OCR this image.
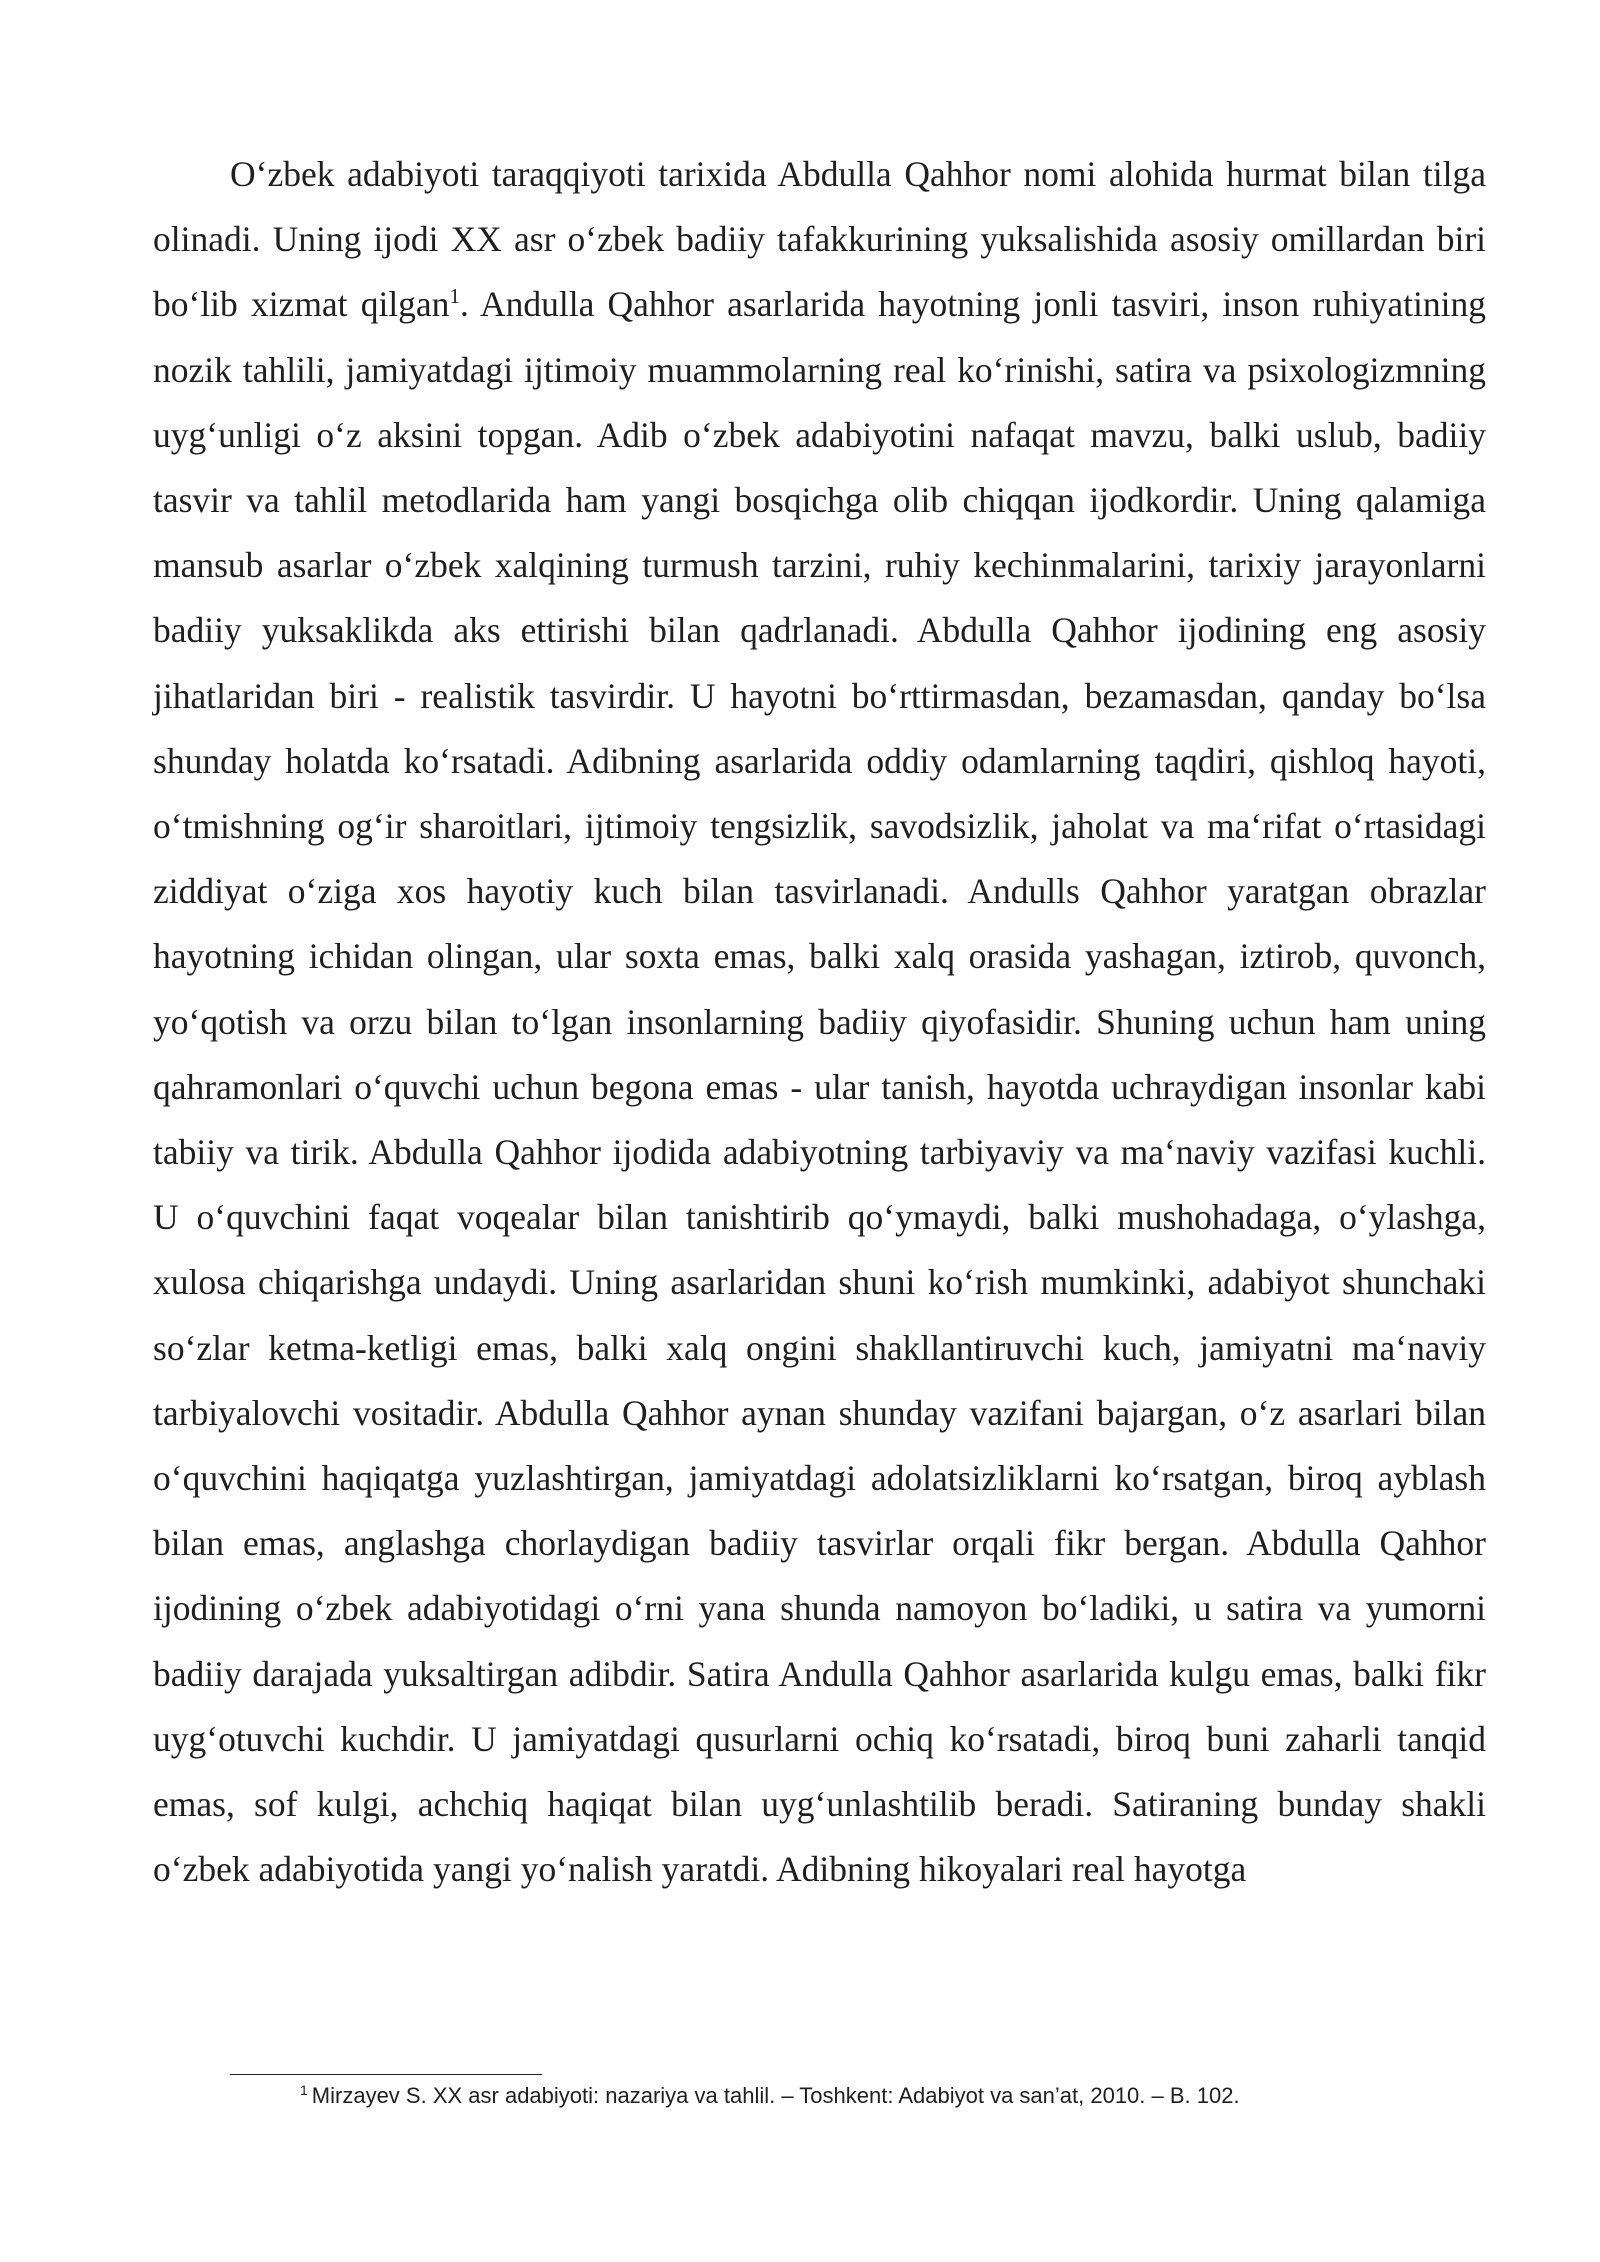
O‘zbek adabiyoti taraqqiyoti tarixida Abdulla Qahhor nomi alohida hurmat bilan tilga olinadi. Uning ijodi XX asr o‘zbek badiiy tafakkurining yuksalishida asosiy omillardan biri bo‘lib xizmat qilgan$^1$. Andulla Qahhor asarlarida hayotning jonli tasviri, inson ruhiyatining nozik tahlili, jamiyatdagi ijtimoiy muammolarning real ko‘rinishi, satira va psixologizmning uyg‘unligi o‘z aksini topgan. Adib o‘zbek adabiyotini nafaqat mavzu, balki uslub, badiiy tasvir va tahlil metodlarida ham yangi bosqichga olib chiqqan ijodkordir. Uning qalamiga mansub asarlar o‘zbek xalqining turmush tarzini, ruhiy kechinmalarini, tarixiy jarayonlarni badiiy yuksaklikda aks ettirishi bilan qadrlanadi. Abdulla Qahhor ijodining eng asosiy jihatlaridan biri - realistik tasvirdir. U hayotni bo‘rttirmasdan, bezamasdan, qanday bo‘lsa shunday holatda ko‘rsatadi. Adibning asarlarida oddiy odamlarning taqdiri, qishloq hayoti, o‘tmishning og‘ir sharoitlari, ijtimoiy tengsizlik, savodsizlik, jaholat va ma‘rifat o‘rtasidagi ziddiyat o‘ziga xos hayotiy kuch bilan tasvirlanadi. Andulls Qahhor yaratgan obrazlar hayotning ichidan olingan, ular soxta emas, balki xalq orasida yashagan, iztirob, quvonch, yo‘qotish va orzu bilan to‘lgan insonlarning badiiy qiyofasidir. Shuning uchun ham uning qahramonlari o‘quvchi uchun begona emas - ular tanish, hayotda uchraydigan insonlar kabi tabiiy va tirik. Abdulla Qahhor ijodida adabiyotning tarbiyaviy va ma‘naviy vazifasi kuchli. U o‘quvchini faqat voqealar bilan tanishtirib qo‘ymaydi, balki mushohadaga, o‘ylashga, xulosa chiqarishga undaydi. Uning asarlaridan shuni ko‘rish mumkinki, adabiyot shunchaki so‘zlar ketma-ketligi emas, balki xalq ongini shakllantiruvchi kuch, jamiyatni ma‘naviy tarbiyalovchi vositadir. Abdulla Qahhor aynan shunday vazifani bajargan, o‘z asarlari bilan o‘quvchini haqiqatga yuzlashtirgan, jamiyatdagi adolatsizliklarni ko‘rsatgan, biroq ayblash bilan emas, anglashga chorlaydigan badiiy tasvirlar orqali fikr bergan. Abdulla Qahhor ijodining o‘zbek adabiyotidagi o‘rni yana shunda namoyon bo‘ladiki, u satira va yumorni badiiy darajada yuksaltirgan adibdir. Satira Andulla Qahhor asarlarida kulgu emas, balki fikr uyg‘otuvchi kuchdir. U jamiyatdagi qusurlarni ochiq ko‘rsatadi, biroq buni zaharli tanqid emas, sof kulgi, achchiq haqiqat bilan uyg‘unlashtilib beradi. Satiraning bunday shakli o‘zbek adabiyotida yangi yo‘nalish yaratdi. Adibning hikoyalari real hayotga

$^1$ Mirzayev S. XX asr adabiyoti: nazariya va tahlil. – Toshkent: Adabiyot va san’at, 2010. – B. 102.
